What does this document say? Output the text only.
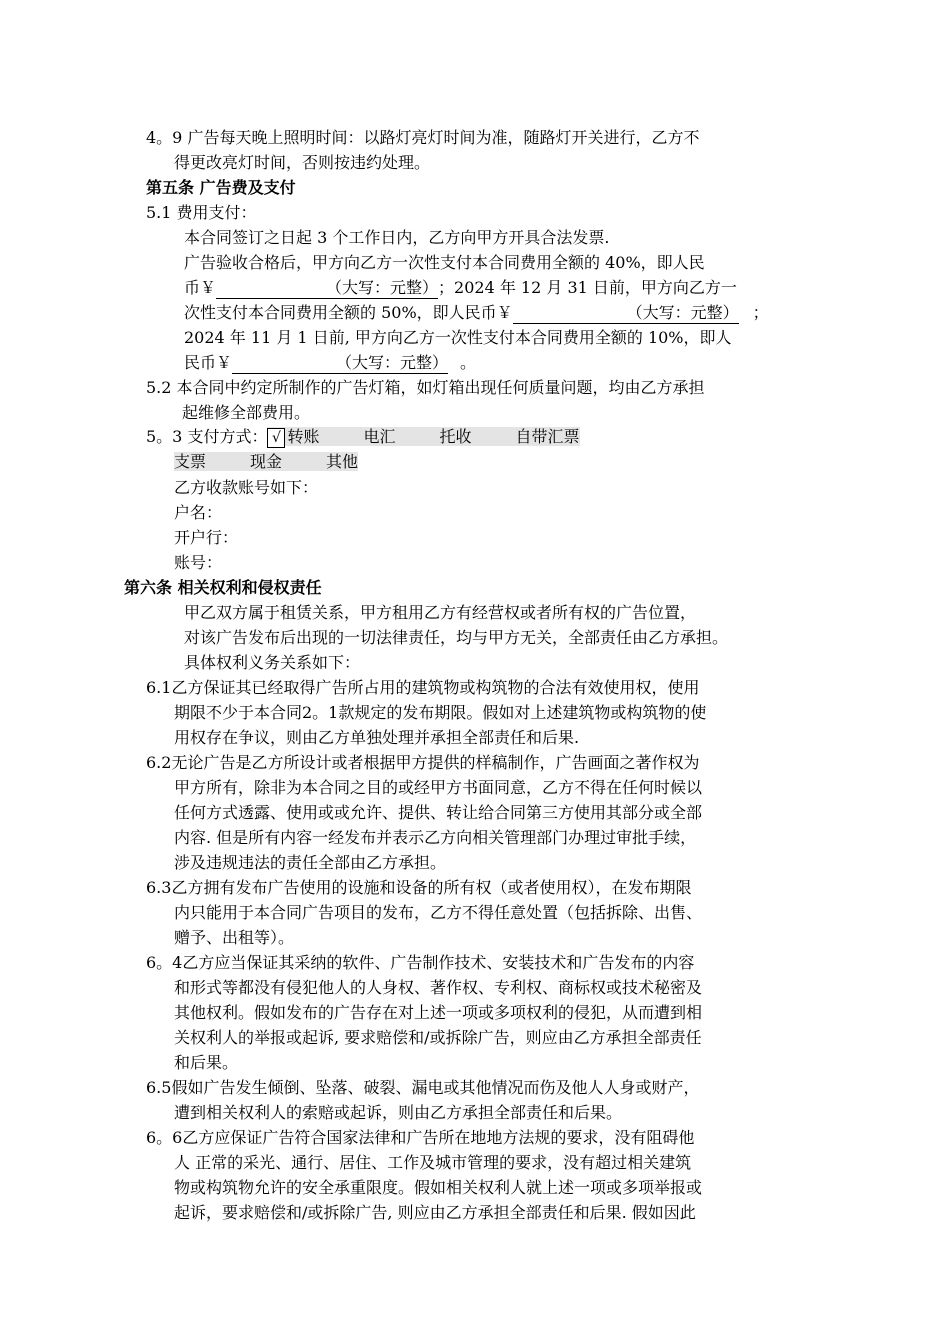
4。9 广告每天晚上照明时间：以路灯亮灯时间为准，随路灯开关进行，乙方不
得更改亮灯时间，否则按违约处理。
第五条 广告费及支付
5.1 费用支付：
本合同签订之日起 3 个工作日内，乙方向甲方开具合法发票.
广告验收合格后，甲方向乙方一次性支付本合同费用全额的 40%，即人民
币￥	（大写：元整）；2024 年 12 月 31 日前，甲方向乙方一
次性支付本合同费用全额的 50%，即人民币￥	（大写：元整） ；
2024 年 11 月 1 日前, 甲方向乙方一次性支付本合同费用全额的 10%，即人
民币￥	（大写：元整） 。
5.2 本合同中约定所制作的广告灯箱，如灯箱出现任何质量问题，均由乙方承担
起维修全部费用。
5。3 支付方式： √ 转账	电汇	托收	自带汇票
支票	现金	其他
乙方收款账号如下：
户名：
开户行：
账号：
第六条 相关权利和侵权责任
甲乙双方属于租赁关系，甲方租用乙方有经营权或者所有权的广告位置，
对该广告发布后出现的一切法律责任，均与甲方无关，全部责任由乙方承担。
具体权利义务关系如下：
6.1乙方保证其已经取得广告所占用的建筑物或构筑物的合法有效使用权，使用
期限不少于本合同2。1款规定的发布期限。假如对上述建筑物或构筑物的使
用权存在争议，则由乙方单独处理并承担全部责任和后果.
6.2无论广告是乙方所设计或者根据甲方提供的样稿制作，广告画面之著作权为
甲方所有，除非为本合同之目的或经甲方书面同意，乙方不得在任何时候以
任何方式透露、使用或或允许、提供、转让给合同第三方使用其部分或全部
内容. 但是所有内容一经发布并表示乙方向相关管理部门办理过审批手续，
涉及违规违法的责任全部由乙方承担。
6.3乙方拥有发布广告使用的设施和设备的所有权（或者使用权），在发布期限
内只能用于本合同广告项目的发布，乙方不得任意处置（包括拆除、出售、
赠予、出租等）。
6。4乙方应当保证其采纳的软件、广告制作技术、安装技术和广告发布的内容
和形式等都没有侵犯他人的人身权、著作权、专利权、商标权或技术秘密及
其他权利。假如发布的广告存在对上述一项或多项权利的侵犯，从而遭到相
关权利人的举报或起诉, 要求赔偿和/或拆除广告，则应由乙方承担全部责任
和后果。
6.5假如广告发生倾倒、坠落、破裂、漏电或其他情况而伤及他人人身或财产，
遭到相关权利人的索赔或起诉，则由乙方承担全部责任和后果。
6。6乙方应保证广告符合国家法律和广告所在地地方法规的要求，没有阻碍他
人 正常的采光、通行、居住、工作及城市管理的要求，没有超过相关建筑
物或构筑物允许的安全承重限度。假如相关权利人就上述一项或多项举报或
起诉，要求赔偿和/或拆除广告, 则应由乙方承担全部责任和后果. 假如因此
